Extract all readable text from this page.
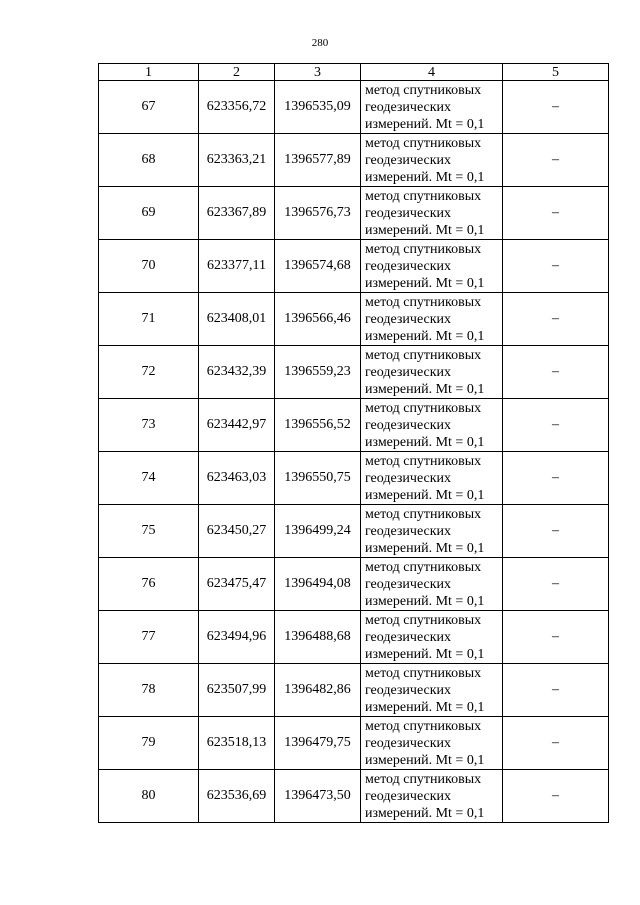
280
1	2	3	4	5
67	623356,72	1396535,09	метод спутниковых
геодезических
измерений. Mt = 0,1	–
68	623363,21	1396577,89	метод спутниковых
геодезических
измерений. Mt = 0,1	–
69	623367,89	1396576,73	метод спутниковых
геодезических
измерений. Mt = 0,1	–
70	623377,11	1396574,68	метод спутниковых
геодезических
измерений. Mt = 0,1	–
71	623408,01	1396566,46	метод спутниковых
геодезических
измерений. Mt = 0,1	–
72	623432,39	1396559,23	метод спутниковых
геодезических
измерений. Mt = 0,1	–
73	623442,97	1396556,52	метод спутниковых
геодезических
измерений. Mt = 0,1	–
74	623463,03	1396550,75	метод спутниковых
геодезических
измерений. Mt = 0,1	–
75	623450,27	1396499,24	метод спутниковых
геодезических
измерений. Mt = 0,1	–
76	623475,47	1396494,08	метод спутниковых
геодезических
измерений. Mt = 0,1	–
77	623494,96	1396488,68	метод спутниковых
геодезических
измерений. Mt = 0,1	–
78	623507,99	1396482,86	метод спутниковых
геодезических
измерений. Mt = 0,1	–
79	623518,13	1396479,75	метод спутниковых
геодезических
измерений. Mt = 0,1	–
80	623536,69	1396473,50	метод спутниковых
геодезических
измерений. Mt = 0,1	–
